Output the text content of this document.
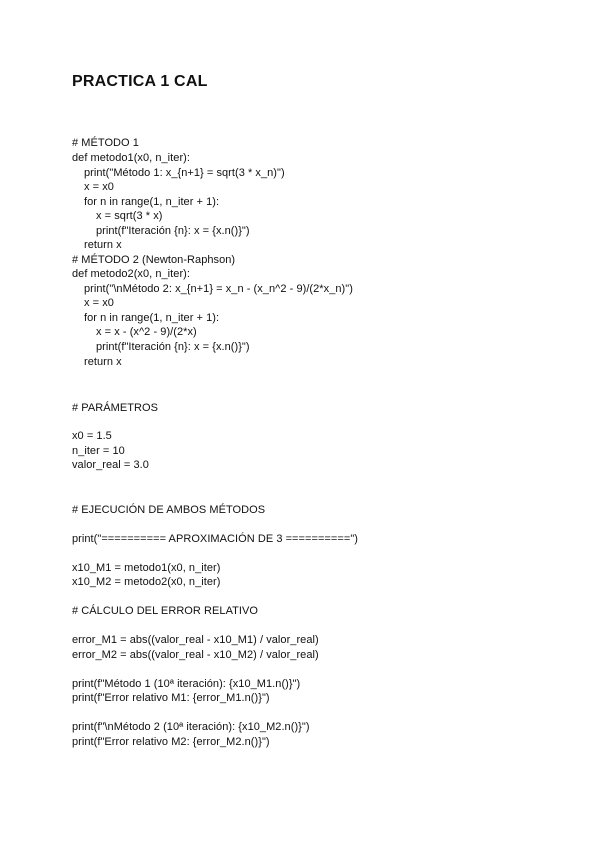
PRACTICA 1 CAL
# MÉTODO 1
def metodo1(x0, n_iter):
print("Método 1: x_{n+1} = sqrt(3 * x_n)")
x = x0
for n in range(1, n_iter + 1):
x = sqrt(3 * x)
print(f"Iteración {n}: x = {x.n()}")
return x
# MÉTODO 2 (Newton-Raphson)
def metodo2(x0, n_iter):
print("\nMétodo 2: x_{n+1} = x_n - (x_n^2 - 9)/(2*x_n)")
x = x0
for n in range(1, n_iter + 1):
x = x - (x^2 - 9)/(2*x)
print(f"Iteración {n}: x = {x.n()}")
return x
# PARÁMETROS
x0 = 1.5
n_iter = 10
valor_real = 3.0
# EJECUCIÓN DE AMBOS MÉTODOS
print("========== APROXIMACIÓN DE 3 ==========")
x10_M1 = metodo1(x0, n_iter)
x10_M2 = metodo2(x0, n_iter)
# CÁLCULO DEL ERROR RELATIVO
error_M1 = abs((valor_real - x10_M1) / valor_real)
error_M2 = abs((valor_real - x10_M2) / valor_real)
print(f"Método 1 (10ª iteración): {x10_M1.n()}")
print(f"Error relativo M1: {error_M1.n()}")
print(f"\nMétodo 2 (10ª iteración): {x10_M2.n()}")
print(f"Error relativo M2: {error_M2.n()}")
